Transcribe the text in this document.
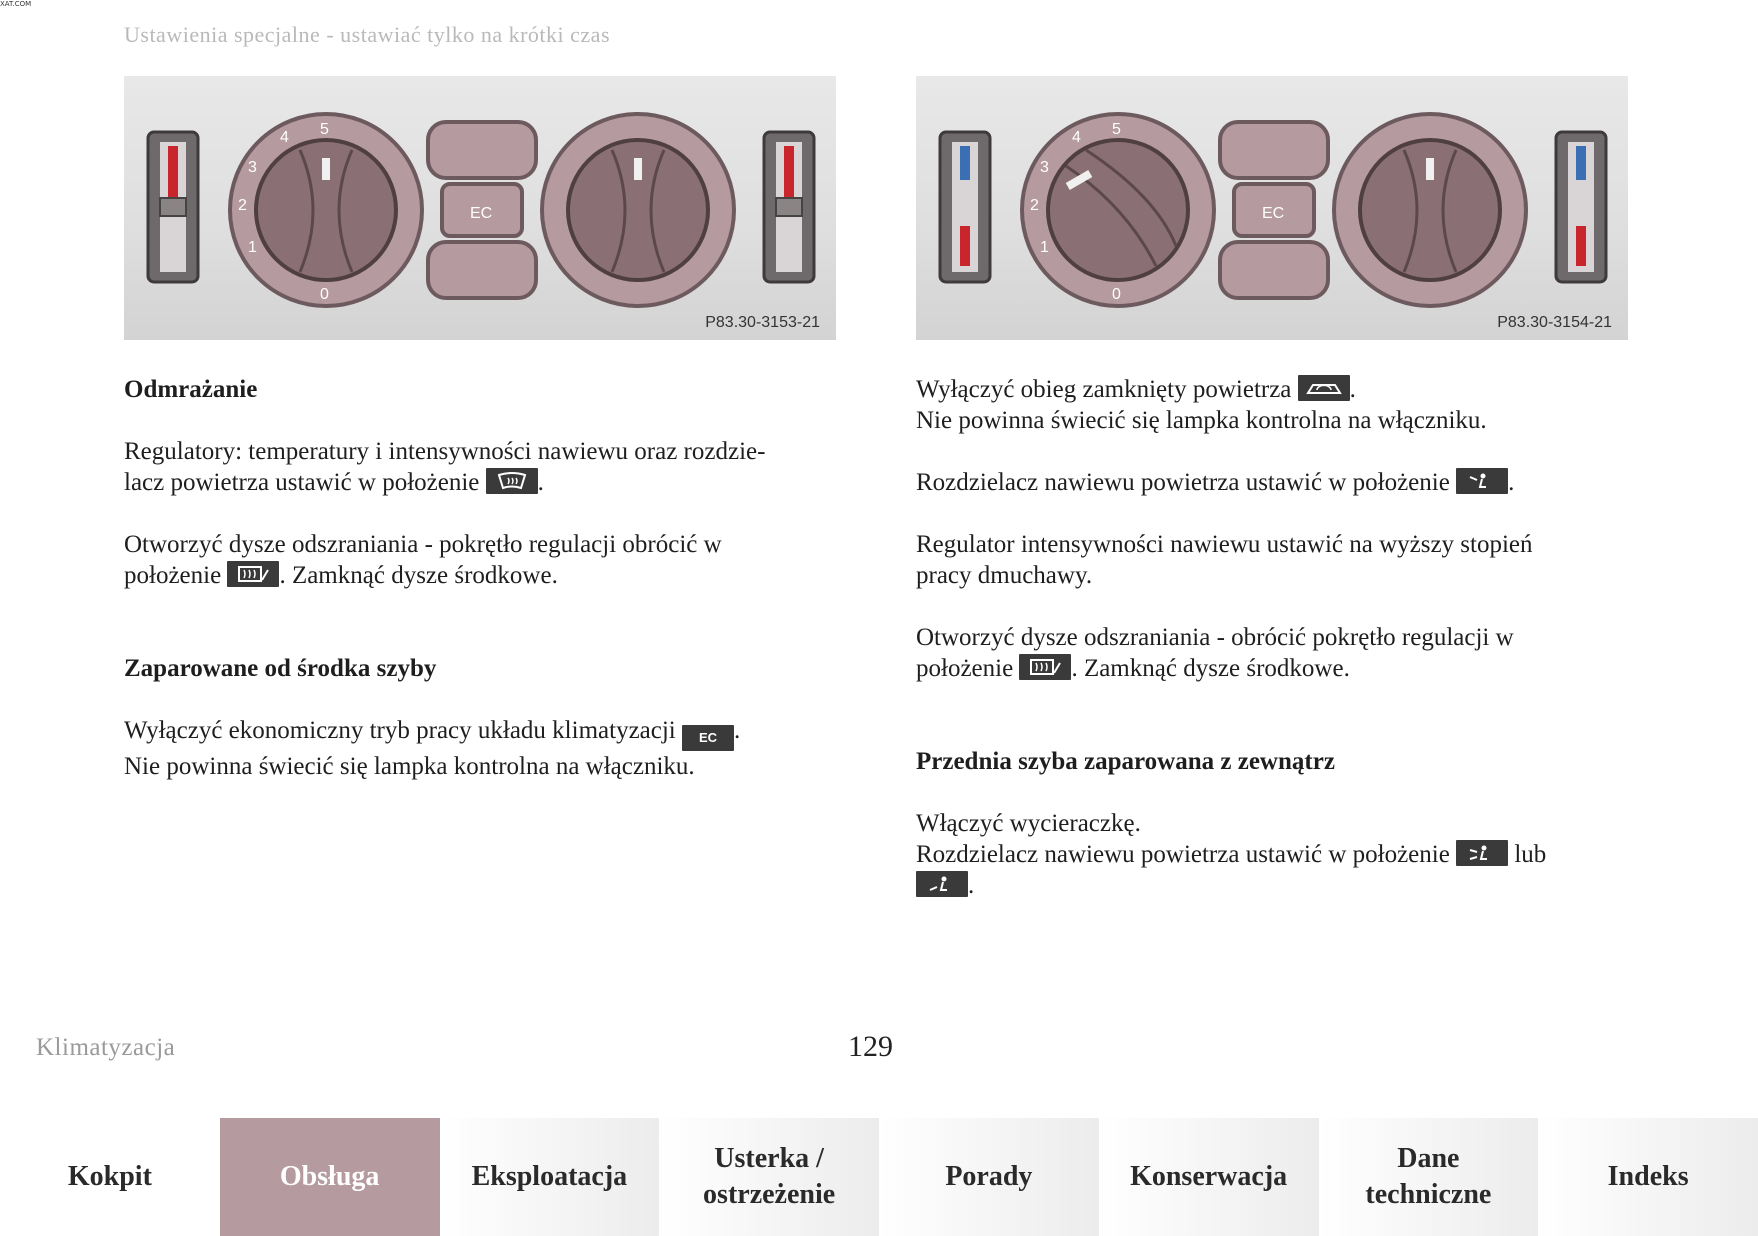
XAT.COM
Ustawienia specjalne - ustawiać tylko na krótki czas
0
1
2
3
4 5
EC
P83.30-3153-21
0
1
2
3
4 5
EC
P83.30-3154-21
Odmrażanie

Regulatory: temperatury i intensywności nawiewu oraz rozdzie-
lacz powietrza ustawić w położenie .

Otworzyć dysze odszraniania - pokrętło regulacji obrócić w
położenie . Zamknąć dysze środkowe.

Zaparowane od środka szyby

Wyłączyć ekonomiczny tryb pracy układu klimatyzacji EC .
Nie powinna świecić się lampka kontrolna na włączniku.

Wyłączyć obieg zamknięty powietrza .
Nie powinna świecić się lampka kontrolna na włączniku.

Rozdzielacz nawiewu powietrza ustawić w położenie .

Regulator intensywności nawiewu ustawić na wyższy stopień
pracy dmuchawy.

Otworzyć dysze odszraniania - obrócić pokrętło regulacji w
położenie . Zamknąć dysze środkowe.

Przednia szyba zaparowana z zewnątrz

Włączyć wycieraczkę.
Rozdzielacz nawiewu powietrza ustawić w położenie	lub

.

Klimatyzacja	129
Kokpit	Obsługa	Eksploatacja
Usterka /
ostrzeżenie
Porady	Konserwacja
Dane
techniczne
Indeks
